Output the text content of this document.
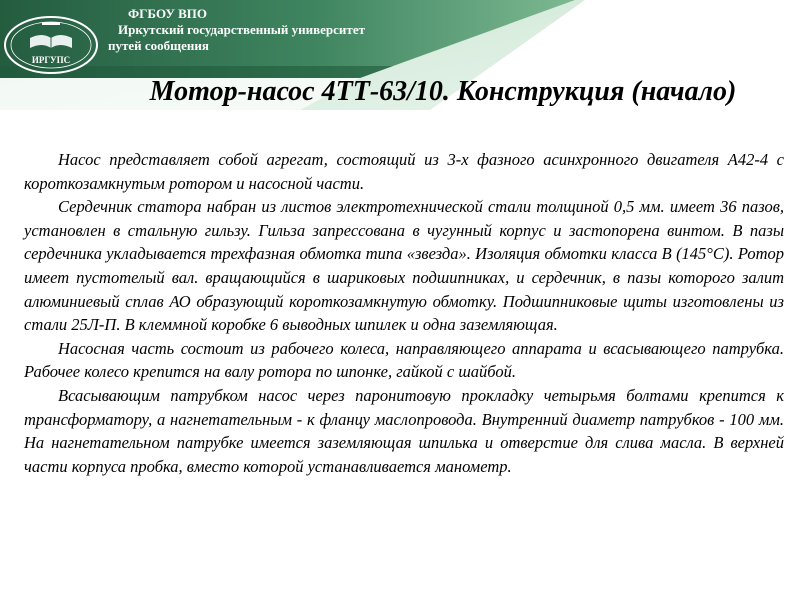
ИРГУПС
ФГБОУ ВПО
Иркутский государственный университет
путей сообщения
Мотор-насос 4ТТ-63/10. Конструкция (начало)

Насос представляет собой агрегат, состоящий из 3-х фазного асинхронного двигателя А42-4 с короткозамкнутым ротором и насосной части.

Сердечник статора набран из листов электротехнической стали толщиной 0,5 мм. имеет 36 пазов, установлен в стальную гильзу. Гильза запрессована в чугунный корпус и застопорена винтом. В пазы сердечника укладывается трехфазная обмотка типа «звезда». Изоляция обмотки класса В (145°С). Ротор имеет пустотелый вал. вращающийся в шариковых подшипниках, и сердечник, в пазы которого залит алюминиевый сплав АО образующий короткозамкнутую обмотку. Подшипниковые щиты изготовлены из стали 25Л-П. В клеммной коробке 6 выводных шпилек и одна заземляющая.

Насосная часть состоит из рабочего колеса, направляющего аппарата и всасывающего патрубка. Рабочее колесо крепится на валу ротора по шпонке, гайкой с шайбой.

Всасывающим патрубком насос через паронитовую прокладку четырьмя болтами крепится к трансформатору, а нагнетательным - к фланцу маслопровода. Внутренний диаметр патрубков - 100 мм. На нагнетательном патрубке имеется заземляющая шпилька и отверстие для слива масла. В верхней части корпуса пробка, вместо которой устанавливается манометр.
